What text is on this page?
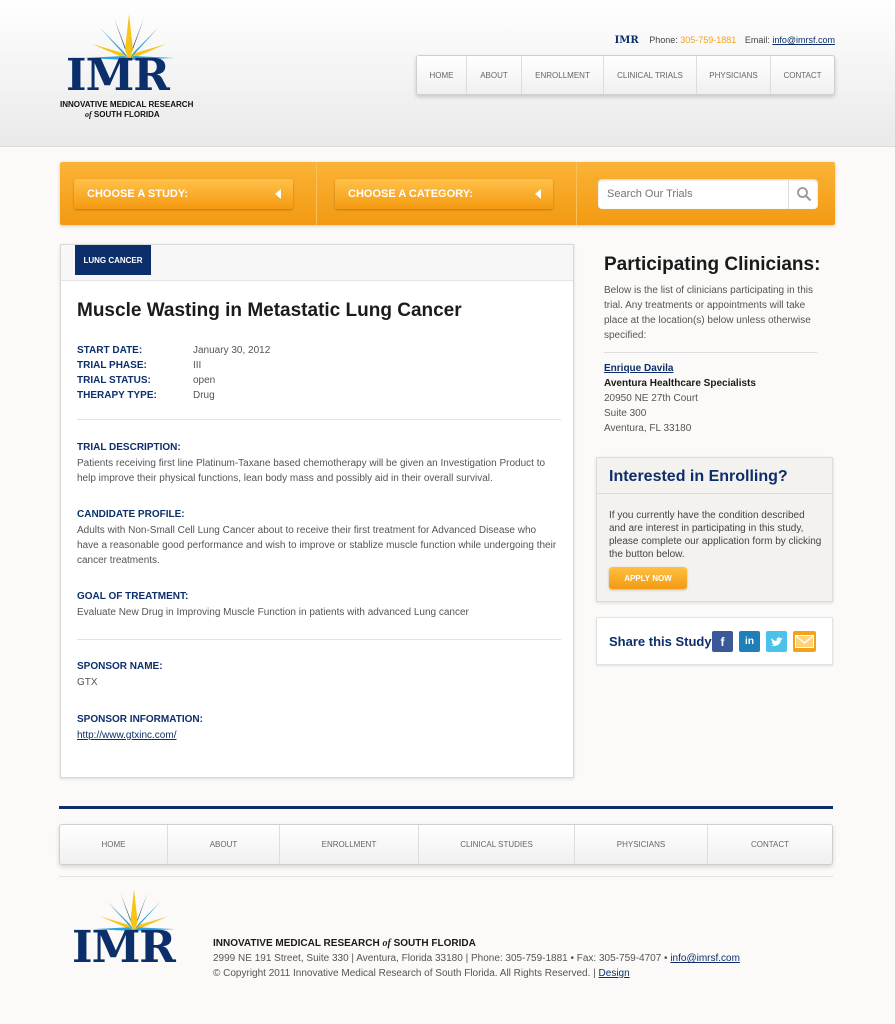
IMR
INNOVATIVE MEDICAL RESEARCH
of SOUTH FLORIDA
IMR Phone: 305-759-1881 Email: info@imrsf.com
HOME	ABOUT	ENROLLMENT	CLINICAL TRIALS	PHYSICIANS	CONTACT
CHOOSE A STUDY:	CHOOSE A CATEGORY:
Search Our Trials
LUNG CANCER
Muscle Wasting in Metastatic Lung Cancer
START DATE:	January 30, 2012
TRIAL PHASE:	III
TRIAL STATUS:	open
THERAPY TYPE:	Drug
TRIAL DESCRIPTION:
Patients receiving first line Platinum-Taxane based chemotherapy will be given an Investigation Product to help improve their physical functions, lean body mass and possibly aid in their overall survival.
CANDIDATE PROFILE:
Adults with Non-Small Cell Lung Cancer about to receive their first treatment for Advanced Disease who have a reasonable good performance and wish to improve or stablize muscle function while undergoing their cancer treatments.
GOAL OF TREATMENT:
Evaluate New Drug in Improving Muscle Function in patients with advanced Lung cancer
SPONSOR NAME:
GTX
SPONSOR INFORMATION:
http://www.gtxinc.com/
Participating Clinicians:
Below is the list of clinicians participating in this trial. Any treatments or appointments will take place at the location(s) below unless otherwise specified:
Enrique Davila
Aventura Healthcare Specialists
20950 NE 27th Court
Suite 300
Aventura, FL 33180
Interested in Enrolling?
If you currently have the condition described and are interest in participating in this study, please complete our application form by clicking the button below.
APPLY NOW
Share this Study f	in
HOME	ABOUT	ENROLLMENT	CLINICAL STUDIES	PHYSICIANS	CONTACT
IMR	INNOVATIVE MEDICAL RESEARCH of SOUTH FLORIDA
2999 NE 191 Street, Suite 330 | Aventura, Florida 33180 | Phone: 305-759-1881 • Fax: 305-759-4707 • info@imrsf.com
© Copyright 2011 Innovative Medical Research of South Florida. All Rights Reserved. | Design
